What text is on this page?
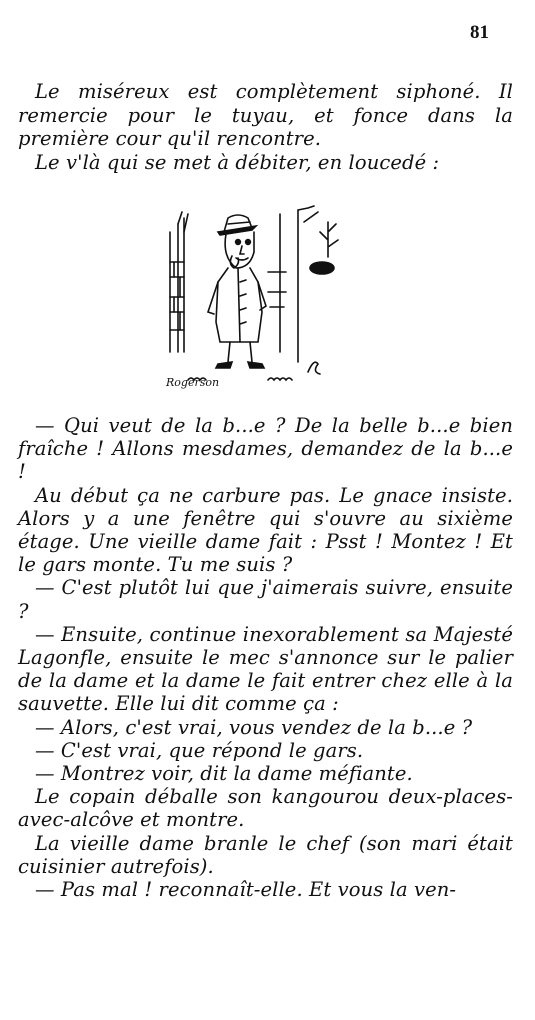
81

Le miséreux est complètement siphoné. Il remercie pour le tuyau, et fonce dans la première cour qu'il rencontre.

Le v'là qui se met à débiter, en loucedé :

Rogerson

— Qui veut de la b...e ? De la belle b...e bien fraîche ! Allons mesdames, demandez de la b...e !

Au début ça ne carbure pas. Le gnace insiste. Alors y a une fenêtre qui s'ouvre au sixième étage. Une vieille dame fait : Psst ! Montez ! Et le gars monte. Tu me suis ?

— C'est plutôt lui que j'aimerais suivre, ensuite ?

— Ensuite, continue inexorablement sa Majesté Lagonfle, ensuite le mec s'annonce sur le palier de la dame et la dame le fait entrer chez elle à la sauvette. Elle lui dit comme ça :

— Alors, c'est vrai, vous vendez de la b...e ?

— C'est vrai, que répond le gars.

— Montrez voir, dit la dame méfiante.

Le copain déballe son kangourou deux-places-avec-alcôve et montre.

La vieille dame branle le chef (son mari était cuisinier autrefois).

— Pas mal ! reconnaît-elle. Et vous la ven-
